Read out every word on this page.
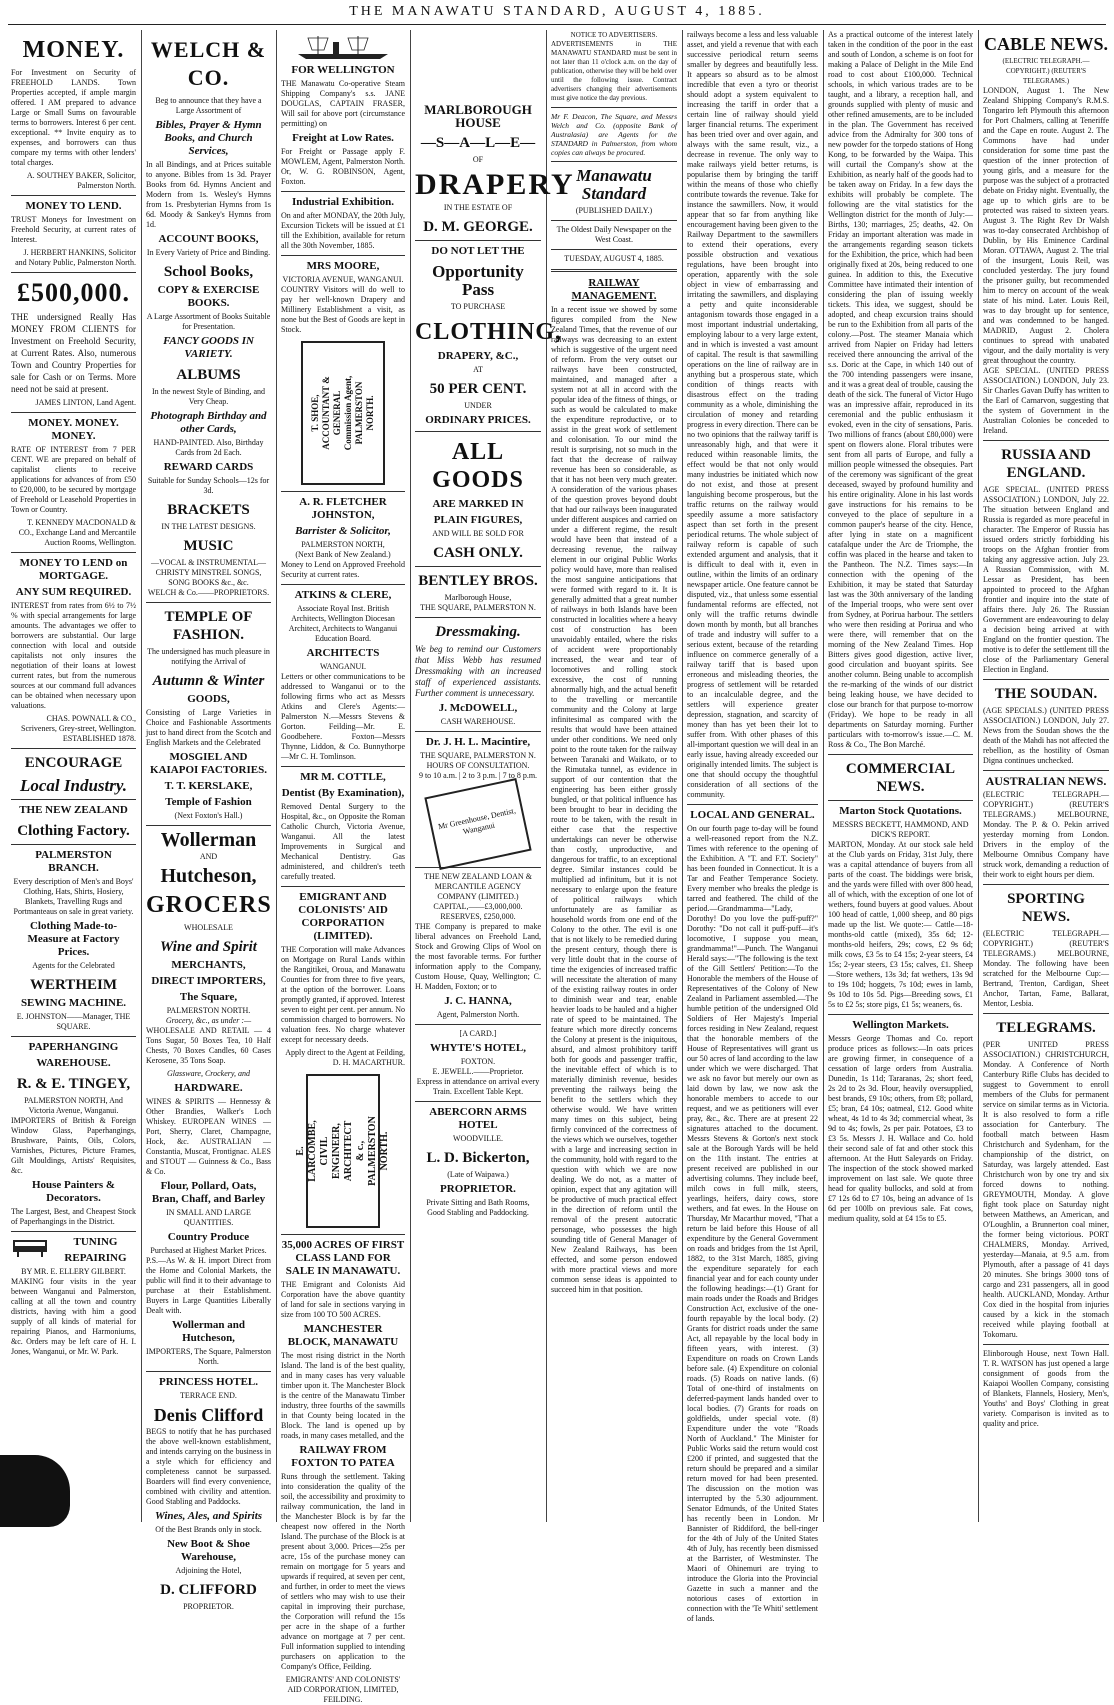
THE MANAWATU STANDARD, AUGUST 4, 1885.
MONEY.

For Investment on Security of FREEHOLD LANDS. Town Properties accepted, if ample margin offered. I AM prepared to advance Large or Small Sums on favourable terms to borrowers. Interest 6 per cent. exceptional. ** Invite enquiry as to expenses, and borrowers can thus compare my terms with other lenders' total charges.

A. SOUTHEY BAKER, Solicitor, Palmerston North.
MONEY TO LEND.

TRUST Moneys for Investment on Freehold Security, at current rates of Interest.

J. HERBERT HANKINS, Solicitor and Notary Public, Palmerston North.
£500,000.

THE undersigned Really Has MONEY FROM CLIENTS for Investment on Freehold Security, at Current Rates. Also, numerous Town and Country Properties for sale for Cash or on Terms. More need not be said at present.

JAMES LINTON, Land Agent.
MONEY. MONEY. MONEY.

RATE OF INTEREST from 7 PER CENT. WE are prepared on behalf of capitalist clients to receive applications for advances of from £50 to £20,000, to be secured by mortgage of Freehold or Leasehold Properties in Town or Country.

T. KENNEDY MACDONALD & CO., Exchange Land and Mercantile Auction Rooms, Wellington.
MONEY TO LEND on MORTGAGE.
ANY SUM REQUIRED.

INTEREST from rates from 6½ to 7½ % with special arrangements for large amounts. The advantages we offer to borrowers are substantial. Our large connection with local and outside capitalists not only insures the negotiation of their loans at lowest current rates, but from the numerous sources at our command full advances can be obtained when necessary upon valuations.

CHAS. POWNALL & CO., Scriveners, Grey-street, Wellington. ESTABLISHED 1878.
ENCOURAGE
Local Industry.
THE NEW ZEALAND
Clothing Factory.
PALMERSTON BRANCH.

Every description of Men's and Boys' Clothing, Hats, Shirts, Hosiery, Blankets, Travelling Rugs and Portmanteaus on sale in great variety.

Clothing Made-to-Measure at Factory Prices.
Agents for the Celebrated
WERTHEIM
SEWING MACHINE.
E. JOHNSTON——Manager, THE SQUARE.
PAPERHANGING
WAREHOUSE.
R. & E. TINGEY,
PALMERSTON NORTH, And Victoria Avenue, Wanganui.

IMPORTERS of British & Foreign Window Glass, Paperhangings, Brushware, Paints, Oils, Colors, Varnishes, Pictures, Picture Frames, Gilt Mouldings, Artists' Requisites, &c.

House Painters & Decorators.

The Largest, Best, and Cheapest Stock of Paperhangings in the District.

TUNING
REPAIRING
BY MR. E. ELLERY GILBERT.

MAKING four visits in the year between Wanganui and Palmerston, calling at all the town and country districts, having with him a good supply of all kinds of material for repairing Pianos, and Harmoniums, &c. Orders may be left care of H. I. Jones, Wanganui, or Mr. W. Park.

WELCH & CO.

Beg to announce that they have a Large Assortment of

Bibles, Prayer & Hymn Books, and Church Services,

In all Bindings, and at Prices suitable to anyone. Bibles from 1s 3d. Prayer Books from 6d. Hymns Ancient and Modern from 1s. Wesley's Hymns from 1s. Presbyterian Hymns from 1s 6d. Moody & Sankey's Hymns from 1d.

ACCOUNT BOOKS,
In Every Variety of Price and Binding.
School Books,
COPY & EXERCISE BOOKS.
A Large Assortment of Books Suitable for Presentation.
FANCY GOODS IN VARIETY.
ALBUMS
In the newest Style of Binding, and Very Cheap.
Photograph Birthday and other Cards,
HAND-PAINTED. Also, Birthday Cards from 2d Each.
REWARD CARDS
Suitable for Sunday Schools—12s for 3d.
BRACKETS
IN THE LATEST DESIGNS.
MUSIC
—VOCAL & INSTRUMENTAL— CHRISTY MINSTREL SONGS, SONG BOOKS &c., &c.
WELCH & Co.——PROPRIETORS.
TEMPLE OF FASHION.

The undersigned has much pleasure in notifying the Arrival of

Autumn & Winter
GOODS,

Consisting of Large Varieties in Choice and Fashionable Assortments just to hand direct from the Scotch and English Markets and the Celebrated

MOSGIEL AND KAIAPOI FACTORIES.
T. T. KERSLAKE,
Temple of Fashion
(Next Foxton's Hall.)
Wollerman
AND
Hutcheson,
GROCERS
WHOLESALE
Wine and Spirit
MERCHANTS,
DIRECT IMPORTERS,
The Square,
PALMERSTON NORTH.
Grocery, &c., as under :—

WHOLESALE AND RETAIL — 4 Tons Sugar, 50 Boxes Tea, 10 Half Chests, 70 Boxes Candles, 60 Cases Kerosene, 35 Tons Soap.

Glassware, Crockery, and
HARDWARE.

WINES & SPIRITS — Hennessy & Other Brandies, Walker's Loch Whiskey. EUROPEAN WINES — Port, Sherry, Claret, Champagne, Hock, &c. AUSTRALIAN — Constantia, Muscat, Frontignac. ALES and STOUT — Guinness & Co., Bass & Co.

Flour, Pollard, Oats, Bran, Chaff, and Barley
IN SMALL AND LARGE QUANTITIES.
Country Produce
Purchased at Highest Market Prices.

P.S.—As W. & H. import Direct from the Home and Colonial Markets, the public will find it to their advantage to purchase at their Establishment. Buyers in Large Quantities Liberally Dealt with.

Wollerman and Hutcheson,
IMPORTERS, The Square, Palmerston North.
PRINCESS HOTEL.
TERRACE END.
Denis Clifford

BEGS to notify that he has purchased the above well-known establishment, and intends carrying on the business in a style which for efficiency and completeness cannot be surpassed. Boarders will find every convenience, combined with civility and attention. Good Stabling and Paddocks.

Wines, Ales, and Spirits
Of the Best Brands only in stock.
New Boot & Shoe Warehouse,
Adjoining the Hotel,
D. CLIFFORD
PROPRIETOR.
FOR WELLINGTON

THE Manawatu Co-operative Steam Shipping Company's s.s. JANE DOUGLAS, CAPTAIN FRASER, Will sail for above port (circumstance permitting) on

Freight at Low Rates.

For Freight or Passage apply F. MOWLEM, Agent, Palmerston North. Or, W. G. ROBINSON, Agent, Foxton.

Industrial Exhibition.

On and after MONDAY, the 20th July, Excursion Tickets will be issued at £1 till the Exhibition, available for return all the 30th November, 1885.

MRS MOORE,
VICTORIA AVENUE, WANGANUI.

COUNTRY Visitors will do well to pay her well-known Drapery and Millinery Establishment a visit, as none but the Best of Goods are kept in Stock.

T. SHOE, ACCOUNTANT & GENERAL Commission Agent, PALMERSTON NORTH.
A. R. FLETCHER JOHNSTON,
Barrister & Solicitor,
PALMERSTON NORTH,
(Next Bank of New Zealand.)

Money to Lend on Approved Freehold Security at current rates.

ATKINS & CLERE,
Associate Royal Inst. British Architects, Wellington Diocesan Architect, Architects to Wanganui Education Board.
ARCHITECTS
WANGANUI.

Letters or other communications to be addressed to Wanganui or to the following firms who act as Messrs Atkins and Clere's Agents:— Palmerston N.—Messrs Stevens & Gorton. Feilding—Mr. E. Goodbehere. Foxton—Messrs Thynne, Liddon, & Co. Bunnythorpe—Mr C. H. Tomlinson.

MR M. COTTLE,
Dentist (By Examination),

Removed Dental Surgery to the Hospital, &c., on Opposite the Roman Catholic Church, Victoria Avenue, Wanganui. All the latest Improvements in Surgical and Mechanical Dentistry. Gas administered, and children's teeth carefully treated.

EMIGRANT AND COLONISTS' AID CORPORATION (LIMITED).

THE Corporation will make Advances on Mortgage on Rural Lands within the Rangitikei, Oroua, and Manawatu Counties for from three to five years, at the option of the borrower. Loans promptly granted, if approved. Interest seven to eight per cent. per annum. No commission charged to borrowers. No valuation fees. No charge whatever except for necessary deeds.

Apply direct to the Agent at Feilding, D. H. MACARTHUR.
E. LARCOMBE, CIVIL ENGINEER, ARCHITECT & c., PALMERSTON NORTH.
35,000 ACRES OF FIRST CLASS LAND FOR SALE IN MANAWATU.

THE Emigrant and Colonists Aid Corporation have the above quantity of land for sale in sections varying in size from 100 TO 500 ACRES.

MANCHESTER BLOCK, MANAWATU

The most rising district in the North Island. The land is of the best quality, and in many cases has very valuable timber upon it. The Manchester Block is the centre of the Manawatu Timber industry, three fourths of the sawmills in that County being located in the Block. The land is opened up by roads, in many cases metalled, and the

RAILWAY FROM FOXTON TO PATEA

Runs through the settlement. Taking into consideration the quality of the soil, the accessibility and proximity to railway communication, the land in the Manchester Block is by far the cheapest now offered in the North Island. The purchase of the Block is at present about 3,000. Prices—25s per acre, 15s of the purchase money can remain on mortgage for 5 years and upwards if required, at seven per cent, and further, in order to meet the views of settlers who may wish to use their capital in improving their purchase, the Corporation will refund the 15s per acre in the shape of a further advance on mortgage at 7 per cent. Full information supplied to intending purchasers on application to the Company's Office, Feilding.

EMIGRANTS' AND COLONISTS' AID CORPORATION, LIMITED, FEILDING.
MARLBOROUGH HOUSE
—S—A—L—E—
OF
DRAPERY
IN THE ESTATE OF
D. M. GEORGE.
DO NOT LET THE
Opportunity Pass
TO PURCHASE
CLOTHING,
DRAPERY, &C.,
AT
50 PER CENT.
UNDER
ORDINARY PRICES.
ALL GOODS
ARE MARKED IN
PLAIN FIGURES,
AND WILL BE SOLD FOR
CASH ONLY.
BENTLEY BROS.
Marlborough House,
THE SQUARE, PALMERSTON N.
Dressmaking.

We beg to remind our Customers that Miss Webb has resumed Dressmaking with an increased staff of experienced assistants. Further comment is unnecessary.

J. McDOWELL,
CASH WAREHOUSE.
Dr. J. H. L. Macintire,
THE SQUARE, PALMERSTON N.
HOURS OF CONSULTATION.
9 to 10 a.m. | 2 to 3 p.m. | 7 to 8 p.m.
Mr Greenhouse, Dentist, Wanganui
THE NEW ZEALAND LOAN & MERCANTILE AGENCY COMPANY (LIMITED.)
CAPITAL,——£3,000,000.
RESERVES, £250,000.

THE Company is prepared to make liberal advances on Freehold Land, Stock and Growing Clips of Wool on the most favorable terms. For further information apply to the Company, Custom House, Quay, Wellington; C. H. Madden, Foxton; or to

J. C. HANNA,
Agent, Palmerston North.
[A CARD.]
WHYTE'S HOTEL,
FOXTON.
E. JEWELL.——Proprietor.
Express in attendance on arrival every Train. Excellent Table Kept.
ABERCORN ARMS HOTEL
WOODVILLE.
L. D. Bickerton,
(Late of Waipawa.)
PROPRIETOR.
Private Sitting and Bath Rooms,
Good Stabling and Paddocking.
NOTICE TO ADVERTISERS.

ADVERTISEMENTS in THE MANAWATU STANDARD must be sent in not later than 11 o'clock a.m. on the day of publication, otherwise they will be held over until the following issue. Contract advertisers changing their advertisements must give notice the day previous.

Mr F. Deacon, The Square, and Messrs Welch and Co. (opposite Bank of Australasia) are Agents for the STANDARD in Palmerston, from whom copies can always be procured.

Manawatu Standard
(PUBLISHED DAILY.)
The Oldest Daily Newspaper on the West Coast.
TUESDAY, AUGUST 4, 1885.
RAILWAY MANAGEMENT.
In a recent issue we showed by some figures compiled from the New Zealand Times, that the revenue of our railways was decreasing to an extent which is suggestive of the urgent need of reform. From the very outset our railways have been constructed, maintained, and managed after a system not at all in accord with the popular idea of the fitness of things, or such as would be calculated to make the expenditure reproductive, or to assist in the great work of settlement and colonisation. To our mind the result is surprising, not so much in the fact that the decrease of railway revenue has been so considerable, as that it has not been very much greater. A consideration of the various phases of the question proves beyond doubt that had our railways been inaugurated under different auspices and carried on under a different regime, the result would have been that instead of a decreasing revenue, the railway element in our original Public Works policy would have, more than realised the most sanguine anticipations that were formed with regard to it. It is generally admitted that a great number of railways in both Islands have been constructed in localities where a heavy cost of construction has been unavoidably entailed, where the risks of accident were proportionably increased, the wear and tear of locomotives and rolling stock excessive, the cost of running abnormally high, and the actual benefit to the travelling or mercantile community and the Colony at large infinitesimal as compared with the results that would have been attained under other conditions. We need only point to the route taken for the railway between Taranaki and Waikato, or to the Rimutaka tunnel, as evidence in support of our contention that the engineering has been either grossly bungled, or that political influence has been brought to bear in deciding the route to be taken, with the result in either case that the respective undertakings can never be otherwise than costly, unproductive, and dangerous for traffic, to an exceptional degree. Similar instances could be multiplied ad infinitum, but it is not necessary to enlarge upon the feature of political railways which unfortunately are as familiar as household words from one end of the Colony to the other. The evil is one that is not likely to be remedied during the present century, though there is very little doubt that in the course of time the exigencies of increased traffic will necessitate the alteration of many of the existing railway routes in order to diminish wear and tear, enable heavier loads to be hauled and a higher rate of speed to be maintained. The feature which more directly concerns the Colony at present is the iniquitous, absurd, and almost prohibitory tariff both for goods and passenger traffic, the inevitable effect of which is to materially diminish revenue, besides preventing the railways being the benefit to the settlers which they otherwise would. We have written many times on this subject, being firmly convinced of the correctness of the views which we ourselves, together with a large and increasing section in the community, hold with regard to the question with which we are now dealing. We do not, as a matter of opinion, expect that any agitation will be productive of much practical effect in the direction of reform until the removal of the present autocratic personage, who possesses the high sounding title of General Manager of New Zealand Railways, has been effected, and some person endowed with more practical views and more common sense ideas is appointed to succeed him in that position.
railways become a less and less valuable asset, and yield a revenue that with each successive periodical return seems smaller by degrees and beautifully less. It appears so absurd as to be almost incredible that even a tyro or theorist should adopt a system equivalent to increasing the tariff in order that a certain line of railway should yield larger financial returns. The experiment has been tried over and over again, and always with the same result, viz., a decrease in revenue. The only way to make railways yield better returns, is popularise them by bringing the tariff within the means of those who chiefly contribute towards the revenue. Take for instance the sawmillers. Now, it would appear that so far from anything like encouragement having been given to the Railway Department to the sawmillers to extend their operations, every possible obstruction and vexatious regulations, have been brought into operation, apparently with the sole object in view of embarrassing and irritating the sawmillers, and displaying a petty and quite inconsiderable antagonism towards those engaged in a most important industrial undertaking, employing labour to a very large extent, and in which is invested a vast amount of capital. The result is that sawmilling operations on the line of railway are in anything but a prosperous state, which condition of things reacts with disastrous effect on the trading community as a whole, diminishing the circulation of money and retarding progress in every direction. There can be no two opinions that the railway tariff is unreasonably high, and that were it reduced within reasonable limits, the effect would be that not only would many industries be initiated which now do not exist, and those at present languishing become prosperous, but the traffic returns on the railway would speedily assume a more satisfactory aspect than set forth in the present periodical returns. The whole subject of railway reform is capable of such extended argument and analysis, that it is difficult to deal with it, even in outline, within the limits of an ordinary newspaper article. One feature cannot be disputed, viz., that unless some essential fundamental reforms are effected, not only will the traffic returns dwindle down month by month, but all branches of trade and industry will suffer to a serious extent, because of the retarding influence on commerce generally of a railway tariff that is based upon erroneous and misleading theories, the progress of settlement will be retarded to an incalculable degree, and the settlers will experience greater depression, stagnation, and scarcity of money than has yet been their lot to suffer from. With other phases of this all-important question we will deal in an early issue, having already exceeded our originally intended limits. The subject is one that should occupy the thoughtful consideration of all sections of the community.
LOCAL AND GENERAL.
On our fourth page to-day will be found a well-reasoned report from the N.Z. Times with reference to the opening of the Exhibition. A "T. and F.T. Society" has been founded in Connecticut. It is a Tar and Feather Temperance Society. Every member who breaks the pledge is tarred and feathered. The child of the period.—Grandmamma—"Lady, Dorothy! Do you love the puff-puff?" Dorothy: "Do not call it puff-puff—it's locomotive, I suppose you mean, grandmamma!"—Punch. The Wanganui Herald says:—"The following is the text of the Gill Settlers' Petition:—To the Honorable the members of the House of Representatives of the Colony of New Zealand in Parliament assembled.—The humble petition of the undersigned Old Soldiers of Her Majesty's Imperial forces residing in New Zealand, request that the honorable members of the House of Representatives will grant us our 50 acres of land according to the law under which we were discharged. That we ask no favor but merely our own as laid down by law, we now ask the honorable members to accede to our request, and we as petitioners will ever pray, &c., &c. There are at present 22 signatures attached to the document. Messrs Stevens & Gorton's next stock sale at the Borough Yards will be held on the 11th instant. The entries at present received are published in our advertising columns. They include beef, milch cows in full milk, steers, yearlings, heifers, dairy cows, store wethers, and fat ewes. In the House on Thursday, Mr Macarthur moved, "That a return be laid before this House of all expenditure by the General Government on roads and bridges from the 1st April, 1882, to the 31st March, 1885, giving the expenditure separately for each financial year and for each county under the following headings:—(1) Grant for main roads under the Roads and Bridges Construction Act, exclusive of the one-fourth repayable by the local body. (2) Grants for district roads under the same Act, all repayable by the local body in fifteen years, with interest. (3) Expenditure on roads on Crown Lands before sale. (4) Expenditure on colonial roads. (5) Roads on native lands. (6) Total of one-third of instalments on deferred-payment lands handed over to local bodies. (7) Grants for roads on goldfields, under special vote. (8) Expenditure under the vote "Roads North of Auckland." The Minister for Public Works said the return would cost £200 if printed, and suggested that the return should be prepared and a similar return moved for had been presented. The discussion on the motion was interrupted by the 5.30 adjournment. Senator Edmunds, of the United States has recently been in London. Mr Bannister of Riddiford, the bell-ringer for the 4th of July of the United States 4th of July, has recently been dismissed at the Barrister, of Westminster. The Maori of Ohinemuri are trying to introduce the Gloria into the Provincial Gazette in such a manner and the notorious cases of extortion in connection with the 'Te Whiti' settlement of lands.
As a practical outcome of the interest lately taken in the condition of the poor in the east and south of London, a scheme is on foot for making a Palace of Delight in the Mile End road to cost about £100,000. Technical schools, in which various trades are to be taught, and a library, a reception hall, and grounds supplied with plenty of music and other refined amusements, are to be included in the plan. The Government has received advice from the Admiralty for 300 tons of new powder for the torpedo stations of Hong Kong, to be forwarded by the Waipa. This will curtail the Company's show at the Exhibition, as nearly half of the goods had to be taken away on Friday. In a few days the exhibits will probably be complete. The following are the vital statistics for the Wellington district for the month of July:—Births, 130; marriages, 25; deaths, 42. On Friday an important alteration was made in the arrangements regarding season tickets for the Exhibition, the price, which had been originally fixed at 20s, being reduced to one guinea. In addition to this, the Executive Committee have intimated their intention of considering the plan of issuing weekly tickets. This idea, we suggest, should be adopted, and cheap excursion trains should be run to the Exhibition from all parts of the colony.—Post. The steamer Manaia which arrived from Napier on Friday had letters received there announcing the arrival of the s.s. Doric at the Cape, in which 140 out of the 700 intending passengers were insane, and it was a great deal of trouble, causing the death of the sick. The funeral of Victor Hugo was an impressive affair, reproduced in its ceremonial and the public enthusiasm it evoked, even in the city of sensations, Paris. Two millions of francs (about £80,000) were spent on flowers alone. Floral tributes were sent from all parts of Europe, and fully a million people witnessed the obsequies. Part of the ceremony was significant of the great deceased, swayed by profound humility and his entire originality. Alone in his last words gave instructions for his remains to be conveyed to the place of sepulture in a common pauper's hearse of the city. Hence, after lying in state on a magnificent catafalque under the Arc de Triomphe, the coffin was placed in the hearse and taken to the Pantheon. The N.Z. Times says:—In connection with the opening of the Exhibition, it may be stated that Saturday last was the 30th anniversary of the landing of the Imperial troops, who were sent over from Sydney, at Porirua harbour. The settlers who were then residing at Porirua and who were there, will remember that on the morning of the New Zealand Times. Hop Bitters gives good digestion, active liver, good circulation and buoyant spirits. See another column. Being unable to accomplish the re-marking of the winds of our district being leaking house, we have decided to close our branch for that purpose to-morrow (Friday). We hope to be ready in all departments on Saturday morning. Further particulars with to-morrow's issue.—C. M. Ross & Co., The Bon Marché.
COMMERCIAL NEWS.
Marton Stock Quotations.
MESSRS BECKETT, HAMMOND, AND DICK'S REPORT.
MARTON, Monday. At our stock sale held at the Club yards on Friday, 31st July, there was a capital attendance of buyers from all parts of the coast. The biddings were brisk, and the yards were filled with over 800 head, all of which, with the exception of one lot of wethers, found buyers at good values. About 100 head of cattle, 1,000 sheep, and 80 pigs made up the list. We quote:— Cattle—18-months-old cattle (mixed), 35s 6d; 12-months-old heifers, 29s; cows, £2 9s 6d; milk cows, £3 5s to £4 15s; 2-year steers, £4 15s; 2-year steers, £3 15s; calves, £1. Sheep—Store wethers, 13s 3d; fat wethers, 13s 9d to 19s 10d; hoggets, 7s 10d; ewes in lamb, 9s 10d to 10s 5d. Pigs—Breeding sows, £1 5s to £2 5s; store pigs, £1 5s; weaners, 6s.
Wellington Markets.
Messrs George Thomas and Co. report produce prices as follows:—In oats prices are growing firmer, in consequence of a cessation of large orders from Australia. Dunedin, 1s 11d; Tararanas, 2s; short feed, 2s 2d to 2s 3d. Flour, heavily oversupplied, best brands, £9 10s; others, from £8; pollard, £5; bran, £4 10s; oatmeal, £12. Good white wheat, 4s 1d to 4s 3d; commercial wheat, 3s 9d to 4s; fowls, 2s per pair. Potatoes, £3 to £3 5s. Messrs J. H. Wallace and Co. hold their second sale of fat and other stock this afternoon. At the Hutt Saleyards on Friday. The inspection of the stock showed marked improvement on last sale. We quote three head for quality bullocks, and sold at from £7 12s 6d to £7 10s, being an advance of 1s 6d per 100lb on previous sale. Fat cows, medium quality, sold at £4 15s to £5.
CABLE NEWS.
(ELECTRIC TELEGRAPH.—COPYRIGHT.) (REUTER'S TELEGRAMS.)
LONDON, August 1. The New Zealand Shipping Company's R.M.S. Tongariro left Plymouth this afternoon for Port Chalmers, calling at Teneriffe and the Cape en route. August 2. The Commons have had under consideration for some time past the question of the inner protection of young girls, and a measure for the purpose was the subject of a protracted debate on Friday night. Eventually, the age up to which girls are to be protected was raised to sixteen years. August 3. The Right Rev Dr Walsh was to-day consecrated Archbishop of Dublin, by His Eminence Cardinal Moran. OTTAWA, August 2. The trial of the insurgent, Louis Reil, was concluded yesterday. The jury found the prisoner guilty, but recommended him to mercy on account of the weak state of his mind. Later. Louis Reil, was to day brought up for sentence, and was condemned to be hanged. MADRID, August 2. Cholera continues to spread with unabated vigour, and the daily mortality is very great throughout the country.
AGE SPECIAL. (UNITED PRESS ASSOCIATION.) LONDON, July 23. Sir Charles Gavan Duffy has written to the Earl of Carnarvon, suggesting that the system of Government in the Australian Colonies be conceded to Ireland.
RUSSIA AND ENGLAND.
AGE SPECIAL. (UNITED PRESS ASSOCIATION.) LONDON, July 22. The situation between England and Russia is regarded as more peaceful in character. The Emperor of Russia has issued orders strictly forbidding his troops on the Afghan frontier from taking any aggressive action. July 23. A Russian Commission, with M. Lessar as President, has been appointed to proceed to the Afghan frontier and inquire into the state of affairs there. July 26. The Russian Government are endeavouring to delay a decision being arrived at with England on the frontier question. The motive is to defer the settlement till the close of the Parliamentary General Election in England.
THE SOUDAN.
(AGE SPECIALS.) (UNITED PRESS ASSOCIATION.) LONDON, July 27. News from the Soudan shows the the death of the Mahdi has not affected the rebellion, as the hostility of Osman Digna continues unchecked.
AUSTRALIAN NEWS.
(ELECTRIC TELEGRAPH.—COPYRIGHT.) (REUTER'S TELEGRAMS.) MELBOURNE, Monday. The P. & O. Pekin arrived yesterday morning from London. Drivers in the employ of the Melbourne Omnibus Company have struck work, demanding a reduction of their work to eight hours per diem.
SPORTING NEWS.
(ELECTRIC TELEGRAPH.—COPYRIGHT.) (REUTER'S TELEGRAMS.) MELBOURNE, Monday. The following have been scratched for the Melbourne Cup:—Bertrand, Trenton, Cardigan, Sheet Anchor, Tartan, Fame, Ballarat, Mentor, Lesbia.
TELEGRAMS.
(PER UNITED PRESS ASSOCIATION.) CHRISTCHURCH, Monday. A Conference of North Canterbury Rifle Clubs has decided to suggest to Government to enroll members of the Clubs for permanent service on similar terms as in Victoria. It is also resolved to form a rifle association for Canterbury. The football match between Hasm Christchurch and Sydenham, for the championship of the district, on Saturday, was largely attended. East Christchurch won by one try and six forced downs to nothing. GREYMOUTH, Monday. A glove fight took place on Saturday night between Matthews, an American, and O'Loughlin, a Brunnerton coal miner, the former being victorious. PORT CHALMERS, Monday. Arrived, yesterday—Manaia, at 9.5 a.m. from Plymouth, after a passage of 41 days 20 minutes. She brings 3000 tons of cargo and 231 passengers, all in good health. AUCKLAND, Monday. Arthur Cox died in the hospital from injuries caused by a kick in the stomach received while playing football at Tokomaru.
Elinborough House, next Town Hall. T. R. WATSON has just opened a large consignment of goods from the Kaiapoi Woollen Company, consisting of Blankets, Flannels, Hosiery, Men's, Youths' and Boys' Clothing in great variety. Comparison is invited as to quality and price.
